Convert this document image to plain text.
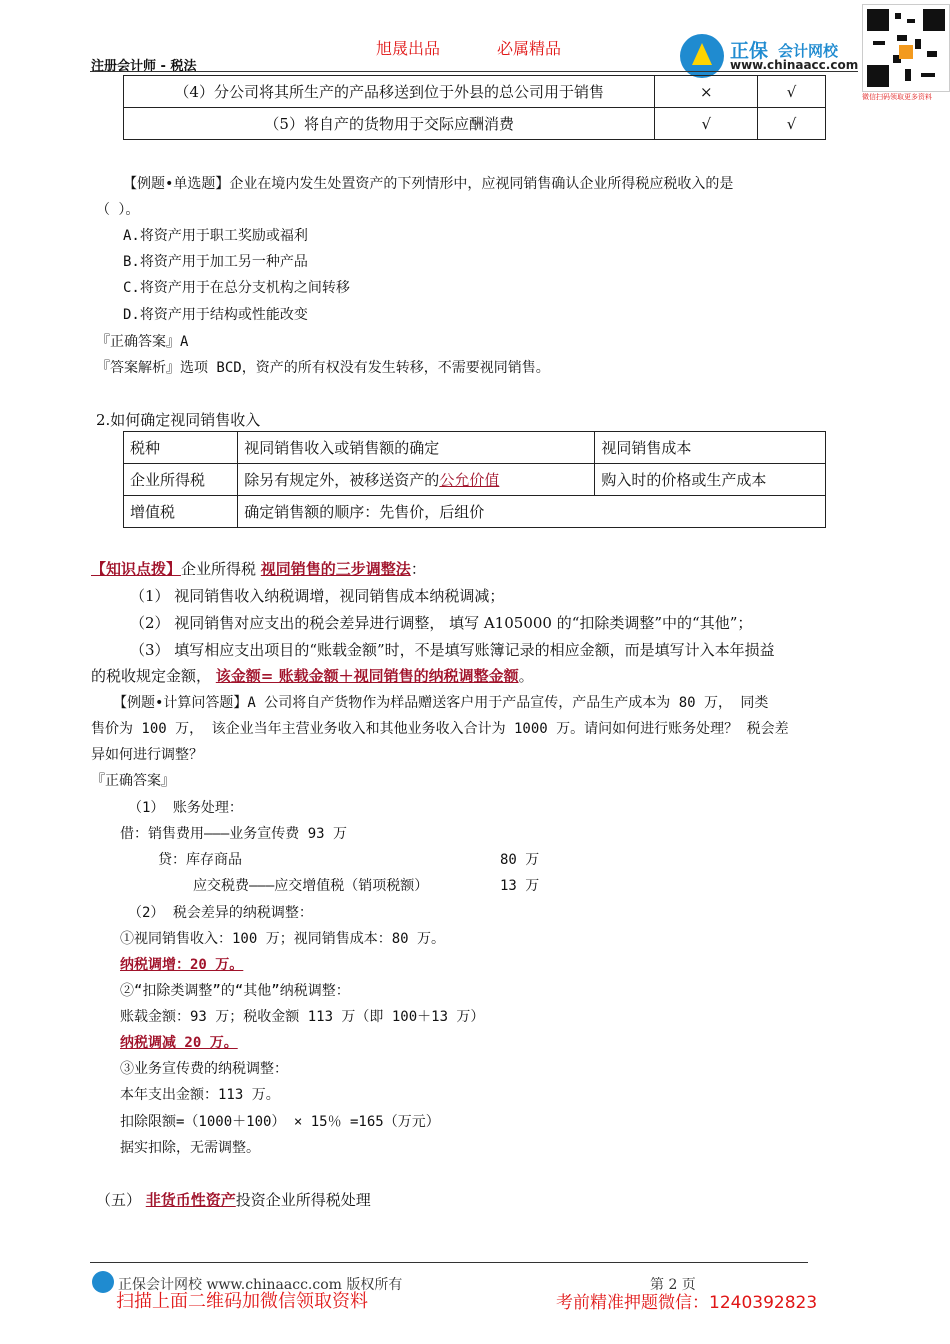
旭晟出品	必属精品
注册会计师 - 税法
正保 会计网校
www.chinaacc.com
微信扫码领取更多资料
（4）分公司将其所生产的产品移送到位于外县的总公司用于销售	×	√
（5）将自产的货物用于交际应酬消费	√	√
【例题•单选题】企业在境内发生处置资产的下列情形中，应视同销售确认企业所得税应税收入的是
（ ）。
A.将资产用于职工奖励或福利
B.将资产用于加工另一种产品
C.将资产用于在总分支机构之间转移
D.将资产用于结构或性能改变
『正确答案』A
『答案解析』选项 BCD，资产的所有权没有发生转移，不需要视同销售。
2.如何确定视同销售收入
税种	视同销售收入或销售额的确定	视同销售成本
企业所得税	除另有规定外，被移送资产的公允价值	购入时的价格或生产成本
增值税	确定销售额的顺序：先售价，后组价	
【知识点拨】企业所得税 视同销售的三步调整法：
（1） 视同销售收入纳税调增，视同销售成本纳税调减；
（2） 视同销售对应支出的税会差异进行调整， 填写 A105000 的“扣除类调整”中的“其他”；
（3） 填写相应支出项目的“账载金额”时，不是填写账簿记录的相应金额，而是填写计入本年损益
的税收规定金额， 该金额= 账载金额＋视同销售的纳税调整金额。
【例题•计算问答题】A 公司将自产货物作为样品赠送客户用于产品宣传，产品生产成本为 80 万， 同类
售价为 100 万， 该企业当年主营业务收入和其他业务收入合计为 1000 万。请问如何进行账务处理？ 税会差
异如何进行调整？
『正确答案』
（1） 账务处理：
借：销售费用———业务宣传费 93 万
贷：库存商品	80 万
应交税费———应交增值税（销项税额）	13 万
（2） 税会差异的纳税调整：
①视同销售收入：100 万；视同销售成本：80 万。
纳税调增：20 万。
②“扣除类调整”的“其他”纳税调整：
账载金额：93 万；税收金额 113 万（即 100＋13 万）
纳税调减 20 万。
③业务宣传费的纳税调整：
本年支出金额：113 万。
扣除限额=（1000＋100） × 15％ =165（万元）
据实扣除，无需调整。
（五） 非货币性资产投资企业所得税处理
正保会计网校 www.chinaacc.com 版权所有	第 2 页
扫描上面二维码加微信领取资料	考前精准押题微信：1240392823
